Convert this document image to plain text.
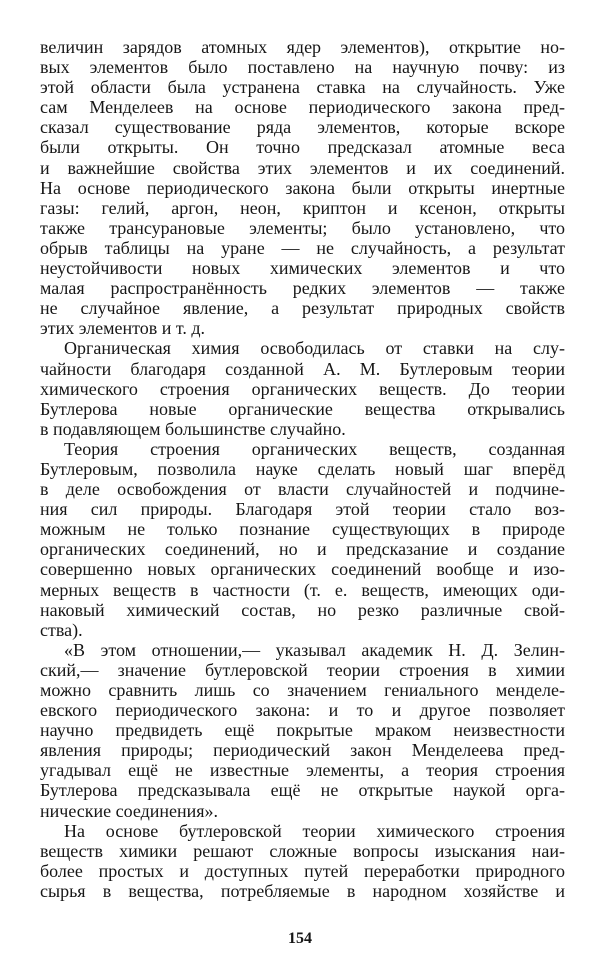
величин зарядов атомных ядер элементов), открытие но-
вых элементов было поставлено на научную почву: из
этой области была устранена ставка на случайность. Уже
сам Менделеев на основе периодического закона пред-
сказал существование ряда элементов, которые вскоре
были открыты. Он точно предсказал атомные веса
и важнейшие свойства этих элементов и их соединений.
На основе периодического закона были открыты инертные
газы: гелий, аргон, неон, криптон и ксенон, открыты
также трансурановые элементы; было установлено, что
обрыв таблицы на уране — не случайность, а результат
неустойчивости новых химических элементов и что
малая распространённость редких элементов — также
не случайное явление, а результат природных свойств
этих элементов и т. д.
Органическая химия освободилась от ставки на слу-
чайности благодаря созданной А. М. Бутлеровым теории
химического строения органических веществ. До теории
Бутлерова новые органические вещества открывались
в подавляющем большинстве случайно.
Теория строения органических веществ, созданная
Бутлеровым, позволила науке сделать новый шаг вперёд
в деле освобождения от власти случайностей и подчине-
ния сил природы. Благодаря этой теории стало воз-
можным не только познание существующих в природе
органических соединений, но и предсказание и создание
совершенно новых органических соединений вообще и изо-
мерных веществ в частности (т. е. веществ, имеющих оди-
наковый химический состав, но резко различные свой-
ства).
«В этом отношении,— указывал академик Н. Д. Зелин-
ский,— значение бутлеровской теории строения в химии
можно сравнить лишь со значением гениального менделе-
евского периодического закона: и то и другое позволяет
научно предвидеть ещё покрытые мраком неизвестности
явления природы; периодический закон Менделеева пред-
угадывал ещё не известные элементы, а теория строения
Бутлерова предсказывала ещё не открытые наукой орга-
нические соединения».
На основе бутлеровской теории химического строения
веществ химики решают сложные вопросы изыскания наи-
более простых и доступных путей переработки природного
сырья в вещества, потребляемые в народном хозяйстве и
154
